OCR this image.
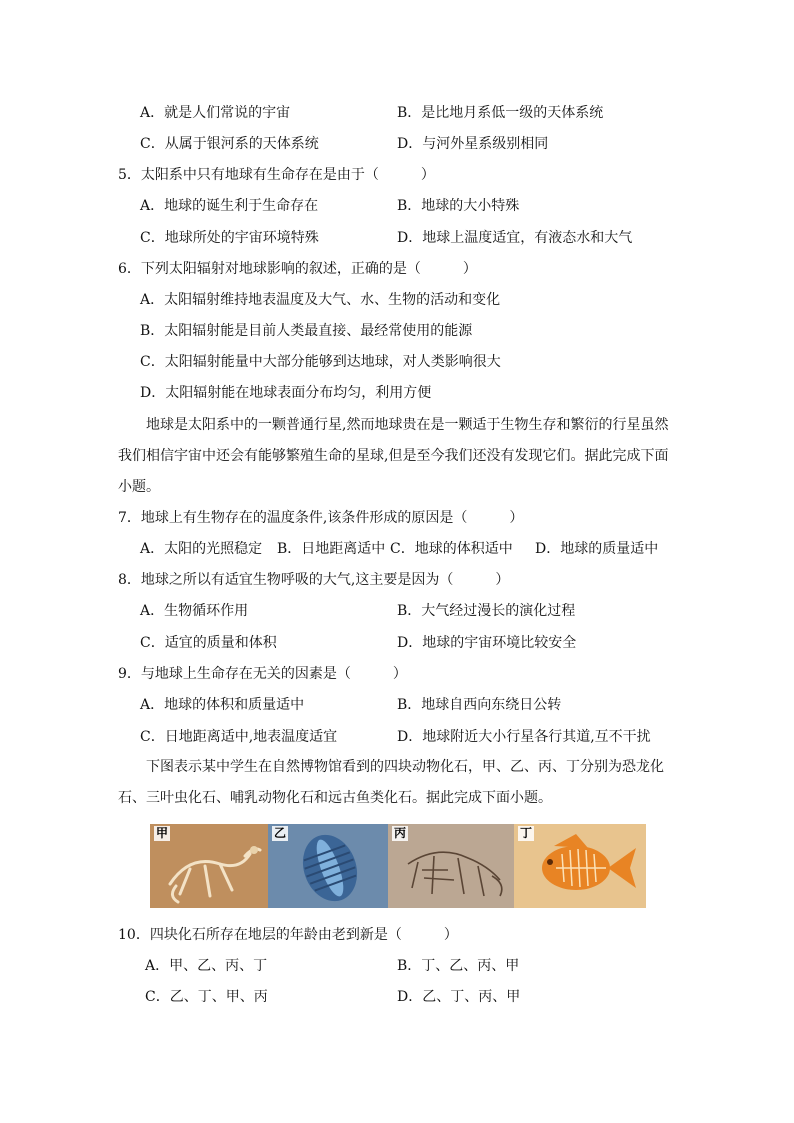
A．就是人们常说的宇宙	B．是比地月系低一级的天体系统
C．从属于银河系的天体系统	D．与河外星系级别相同
5．太阳系中只有地球有生命存在是由于（　　　）
A．地球的诞生利于生命存在	B．地球的大小特殊
C．地球所处的宇宙环境特殊	D．地球上温度适宜，有液态水和大气
6．下列太阳辐射对地球影响的叙述，正确的是（　　　）
A．太阳辐射维持地表温度及大气、水、生物的活动和变化
B．太阳辐射能是目前人类最直接、最经常使用的能源
C．太阳辐射能量中大部分能够到达地球，对人类影响很大
D．太阳辐射能在地球表面分布均匀，利用方便

　　地球是太阳系中的一颗普通行星,然而地球贵在是一颗适于生物生存和繁衍的行星虽然

我们相信宇宙中还会有能够繁殖生命的星球,但是至今我们还没有发现它们。据此完成下面

小题。

7．地球上有生物存在的温度条件,该条件形成的原因是（　　　）
A．太阳的光照稳定 B．日地距离适中 C．地球的体积适中 D．地球的质量适中
8．地球之所以有适宜生物呼吸的大气,这主要是因为（　　　）
A．生物循环作用	B．大气经过漫长的演化过程
C．适宜的质量和体积	D．地球的宇宙环境比较安全
9．与地球上生命存在无关的因素是（　　　）
A．地球的体积和质量适中	B．地球自西向东绕日公转
C．日地距离适中,地表温度适宜	D．地球附近大小行星各行其道,互不干扰

　　下图表示某中学生在自然博物馆看到的四块动物化石，甲、乙、丙、丁分别为恐龙化

石、三叶虫化石、哺乳动物化石和远古鱼类化石。据此完成下面小题。

甲	乙	丙	丁
10．四块化石所存在地层的年龄由老到新是（　　　）
A．甲、乙、丙、丁	B．丁、乙、丙、甲
C．乙、丁、甲、丙	D．乙、丁、丙、甲
